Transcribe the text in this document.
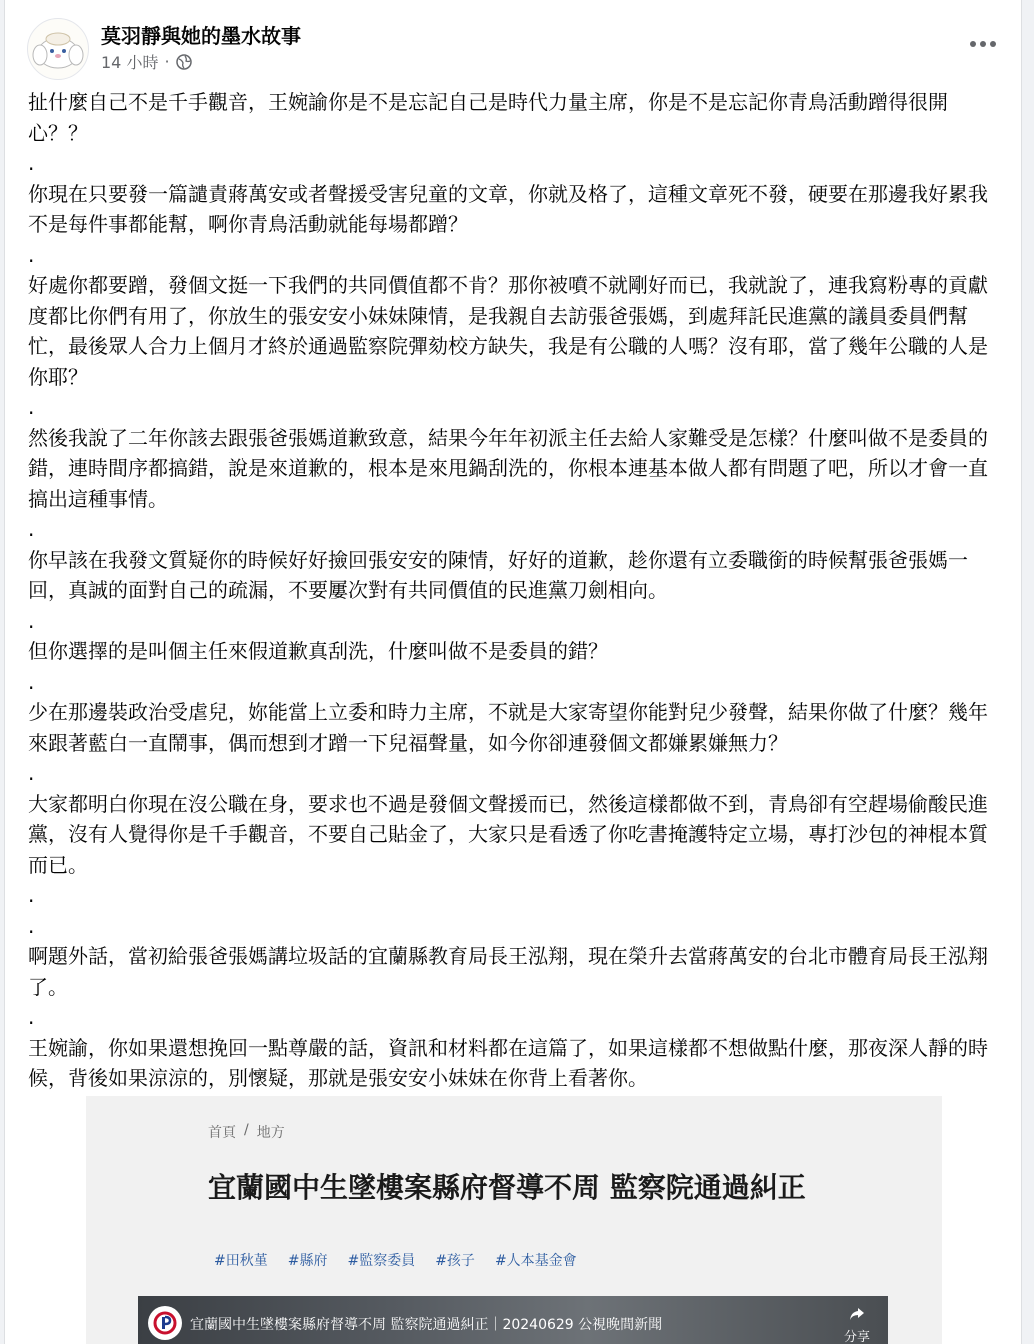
莫羽靜與她的墨水故事
14 小時 ·

扯什麼自己不是千手觀音，王婉諭你是不是忘記自己是時代力量主席，你是不是忘記你青鳥活動蹭得很開心？？

.

你現在只要發一篇譴責蔣萬安或者聲援受害兒童的文章，你就及格了，這種文章死不發，硬要在那邊我好累我不是每件事都能幫，啊你青鳥活動就能每場都蹭？

.

好處你都要蹭，發個文挺一下我們的共同價值都不肯？那你被噴不就剛好而已，我就說了，連我寫粉專的貢獻度都比你們有用了，你放生的張安安小妹妹陳情，是我親自去訪張爸張媽，到處拜託民進黨的議員委員們幫忙，最後眾人合力上個月才終於通過監察院彈劾校方缺失，我是有公職的人嗎？沒有耶，當了幾年公職的人是你耶？

.

然後我說了二年你該去跟張爸張媽道歉致意，結果今年年初派主任去給人家難受是怎樣？什麼叫做不是委員的錯，連時間序都搞錯，說是來道歉的，根本是來甩鍋刮洗的，你根本連基本做人都有問題了吧，所以才會一直搞出這種事情。

.

你早該在我發文質疑你的時候好好撿回張安安的陳情，好好的道歉，趁你還有立委職銜的時候幫張爸張媽一回，真誠的面對自己的疏漏，不要屢次對有共同價值的民進黨刀劍相向。

.

但你選擇的是叫個主任來假道歉真刮洗，什麼叫做不是委員的錯？

.

少在那邊裝政治受虐兒，妳能當上立委和時力主席，不就是大家寄望你能對兒少發聲，結果你做了什麼？幾年來跟著藍白一直鬧事，偶而想到才蹭一下兒福聲量，如今你卻連發個文都嫌累嫌無力？

.

大家都明白你現在沒公職在身，要求也不過是發個文聲援而已，然後這樣都做不到，青鳥卻有空趕場偷酸民進黨，沒有人覺得你是千手觀音，不要自己貼金了，大家只是看透了你吃書掩護特定立場，專打沙包的神棍本質而已。

.

.

啊題外話，當初給張爸張媽講垃圾話的宜蘭縣教育局長王泓翔，現在榮升去當蔣萬安的台北市體育局長王泓翔了。

.

王婉諭，你如果還想挽回一點尊嚴的話，資訊和材料都在這篇了，如果這樣都不想做點什麼，那夜深人靜的時候，背後如果涼涼的，別懷疑，那就是張安安小妹妹在你背上看著你。

首頁 / 地方
宜蘭國中生墜樓案縣府督導不周 監察院通過糾正
#田秋堇 #縣府 #監察委員 #孩子 #人本基金會
宜蘭國中生墜樓案縣府督導不周 監察院通過糾正｜20240629 公視晚間新聞
分享
